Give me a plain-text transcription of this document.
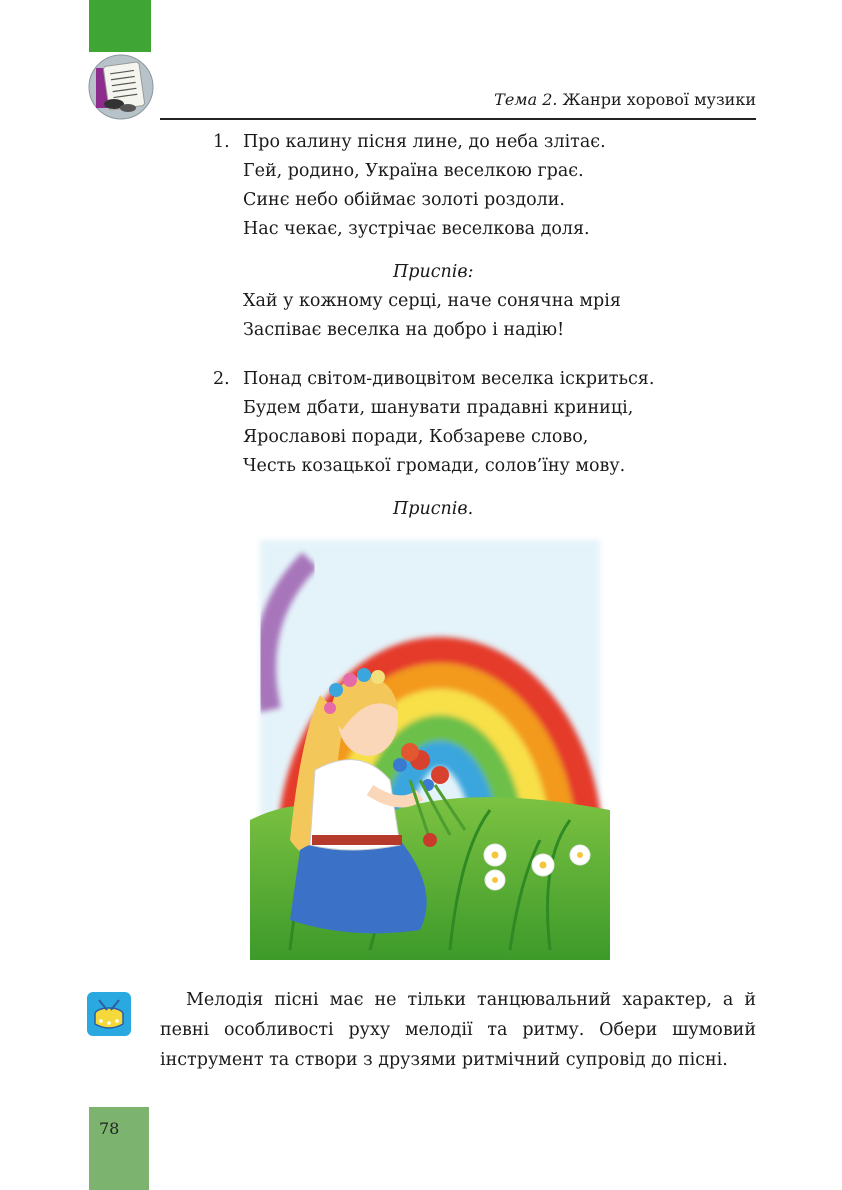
Тема 2. Жанри хорової музики
1. Про калину пісня лине, до неба злітає.
Гей, родино, Україна веселкою грає.
Синє небо обіймає золоті роздоли.
Нас чекає, зустрічає веселкова доля.
Приспів:
Хай у кожному серці, наче сонячна мрія
Заспіває веселка на добро і надію!
2. Понад світом-дивоцвітом веселка іскриться.
Будем дбати, шанувати прадавні криниці,
Ярославові поради, Кобзареве слово,
Честь козацької громади, солов’їну мову.
Приспів.
Мелодія пісні має не тільки танцювальний характер, а й певні особливості руху мелодії та ритму. Обери шумовий інструмент та створи з друзями ритмічний супровід до пісні.
78
